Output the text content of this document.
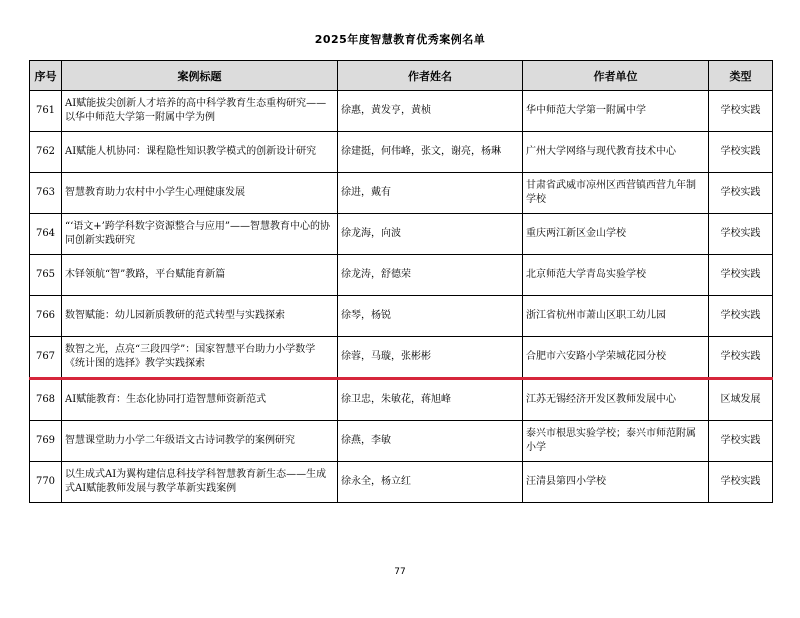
2025年度智慧教育优秀案例名单
序号	案例标题	作者姓名	作者单位	类型
761	AI赋能拔尖创新人才培养的高中科学教育生态重构研究——以华中师范大学第一附属中学为例	徐惠，黄发亨，黄桢	华中师范大学第一附属中学	学校实践
762	AI赋能人机协同：课程隐性知识教学模式的创新设计研究	徐建挺，何伟峰，张文，谢亮，杨琳	广州大学网络与现代教育技术中心	学校实践
763	智慧教育助力农村中小学生心理健康发展	徐进，戴有	甘肃省武威市凉州区西营镇西营九年制学校	学校实践
764	“‘语文+’跨学科数字资源整合与应用”——智慧教育中心的协同创新实践研究	徐龙海，向波	重庆两江新区金山学校	学校实践
765	木铎领航“智”教路，平台赋能育新篇	徐龙涛，舒德荣	北京师范大学青岛实验学校	学校实践
766	数智赋能：幼儿园新质教研的范式转型与实践探索	徐琴，杨锐	浙江省杭州市萧山区职工幼儿园	学校实践
767	数智之光，点亮“三段四学”：国家智慧平台助力小学数学《统计图的选择》教学实践探索	徐蓉，马璇，张彬彬	合肥市六安路小学荣城花园分校	学校实践
768	AI赋能教育：生态化协同打造智慧师资新范式	徐卫忠，朱敏花，蒋旭峰	江苏无锡经济开发区教师发展中心	区域发展
769	智慧课堂助力小学二年级语文古诗词教学的案例研究	徐燕，李敏	泰兴市根思实验学校；泰兴市师范附属小学	学校实践
770	以生成式AI为翼构建信息科技学科智慧教育新生态——生成式AI赋能教师发展与教学革新实践案例	徐永全，杨立红	汪清县第四小学校	学校实践
77
